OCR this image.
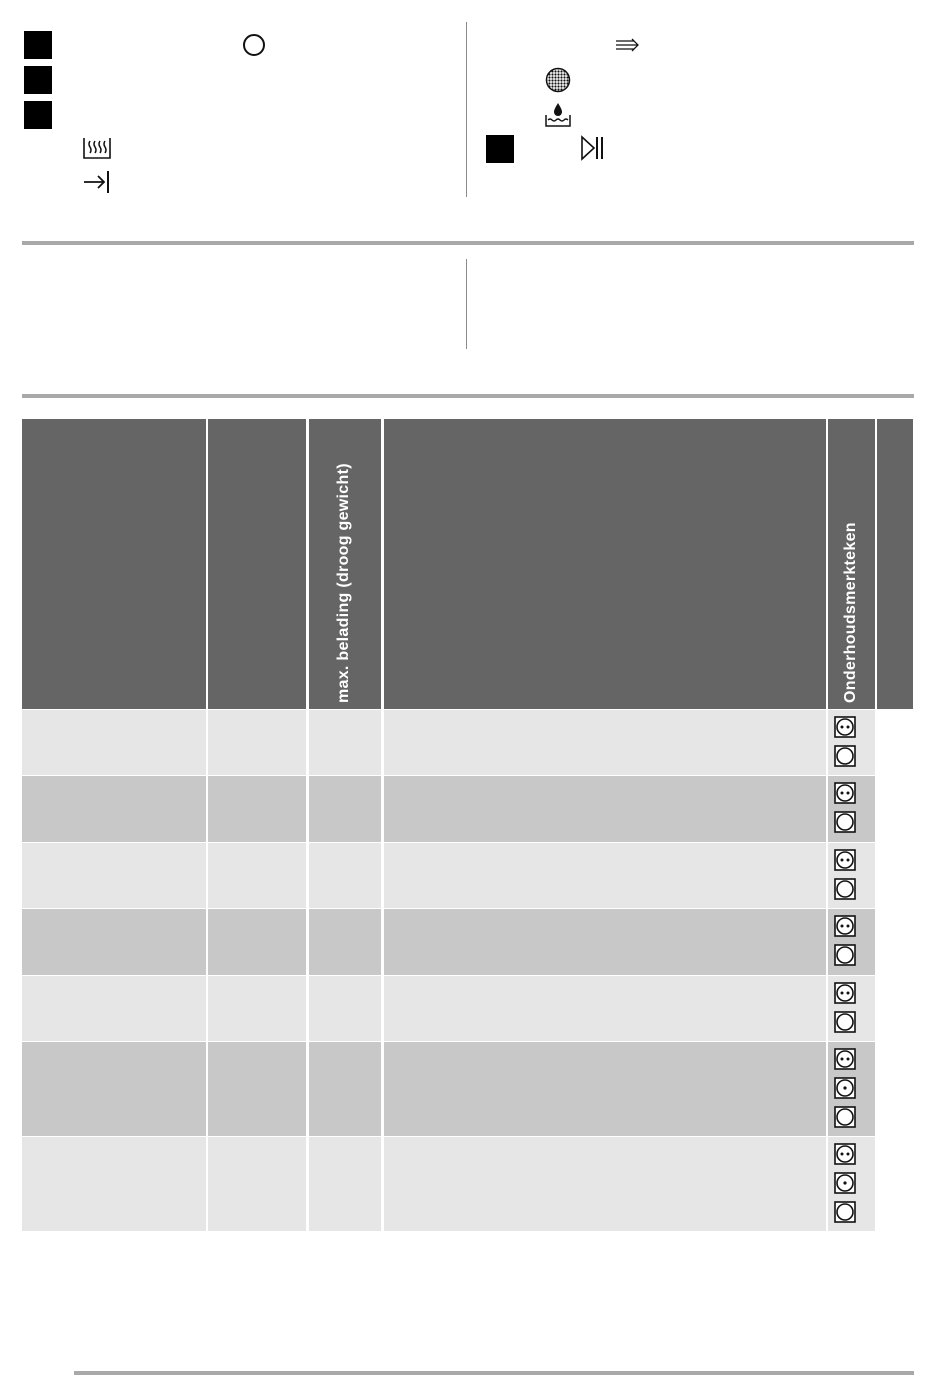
max. belading (droog gewicht)	Onderhoudsmerkteken
